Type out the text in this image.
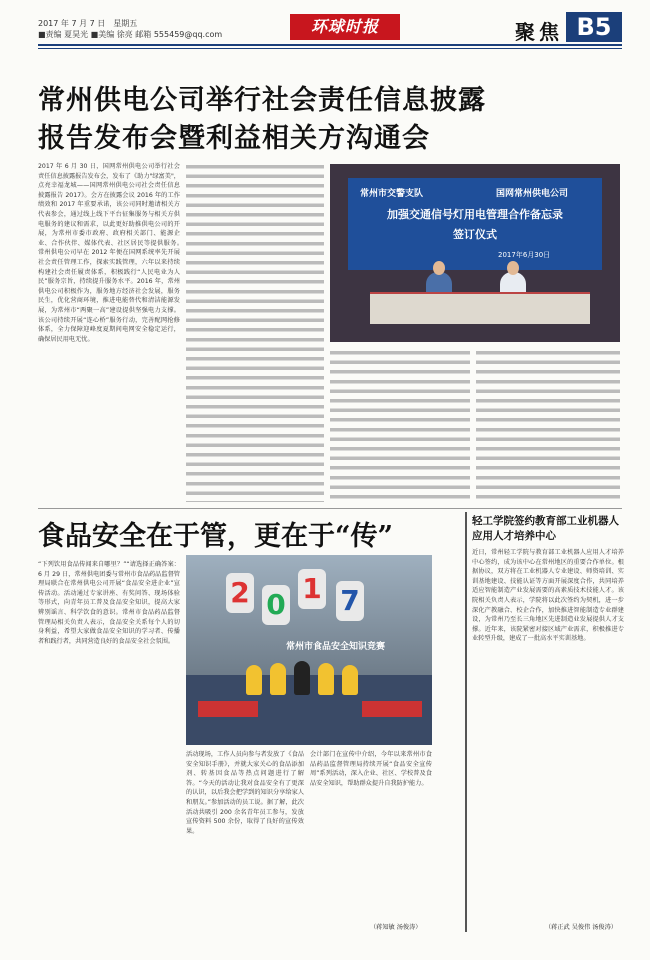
2017 年 7 月 7 日　星期五
■责编 夏昊光 ■美编 徐亮 邮箱 555459@qq.com	环球时报	聚焦 B5
常州供电公司举行社会责任信息披露
报告发布会暨利益相关方沟通会
2017 年 6 月 30 日，国网常州供电公司举行社会责任信息披露报告发布会，发布了《助力"绿富美"，点亮幸福龙城——国网常州供电公司社会责任信息披露报告 2017》。会方在披露会议 2016 年的工作绩效和 2017 年重要承诺，该公司同时邀请相关方代表参会，通过线上线下平台征集服务与相关方供电服务的建议和需求，以此更好助推供电公司的开展，为常州市委市政府、政府相关部门、能源企业、合作伙伴、媒体代表、社区居民等提供服务。　常州供电公司早在 2012 年便在国网系统率先开展社会责任管理工作，探索实践管理，六年以来持续构建社会责任履责体系，积极践行“人民电业为人民”服务宗旨，持续提升服务水平。2016 年，常州供电公司积极作为，服务地方经济社会发展，服务民生，优化营商环境，推进电能替代和清洁能源发展，为常州市“两聚一高”建设提供坚强电力支撑。该公司持续开展“连心桥”服务行动，完善配网抢修体系，全力保障迎峰度夏期间电网安全稳定运行，确保居民用电无忧。
常州市交警支队	国网常州供电公司
加强交通信号灯用电管理合作备忘录
签订仪式
2017年6月30日
食品安全在于管，更在于“传”
“下列饮用食品传闻来自哪里？”“请选择正确答案：6 月 29 日，常州供电团委与常州市食品药品监督管理局联合在常州供电公司开展“食品安全进企业”宣传活动。活动通过专家讲座、有奖问答、现场体验等形式，向青年员工普及食品安全知识，提高大家辨别谣言、科学饮食的意识。常州市食品药品监督管理局相关负责人表示，食品安全关系每个人的切身利益，希望大家做食品安全知识的学习者、传播者和践行者，共同营造良好的食品安全社会氛围。
2 0 1 7
常州市食品安全知识竞赛
活动现场，工作人员向参与者发放了《食品安全知识手册》，并就大家关心的食品添加剂、转基因食品等热点问题进行了解答。“今天的活动让我对食品安全有了更深的认识，以后我会把学到的知识分享给家人和朋友。”参加活动的员工说。据了解，此次活动共吸引 200 余名青年员工参与，发放宣传资料 500 余份，取得了良好的宣传效果。
会计部门在宣传中介绍，今年以来常州市食品药品监督管理局持续开展“食品安全宣传周”系列活动，深入企业、社区、学校普及食品安全知识，帮助群众提升自我防护能力。
（蒋知敏 汤俊涛）
轻工学院签约教育部工业机器人应用人才培养中心
近日，常州轻工学院与教育部工业机器人应用人才培养中心签约，成为该中心在常州地区的重要合作单位。根据协议，双方将在工业机器人专业建设、师资培训、实训基地建设、技能认证等方面开展深度合作，共同培养适应智能制造产业发展需要的高素质技术技能人才。该院相关负责人表示，学院将以此次签约为契机，进一步深化产教融合、校企合作，加快推进智能制造专业群建设，为常州乃至长三角地区先进制造业发展提供人才支撑。近年来，该院紧密对接区域产业需求，积极推进专业转型升级，建成了一批高水平实训基地。
（蒋正武 吴俊伟 汤俊涛）
